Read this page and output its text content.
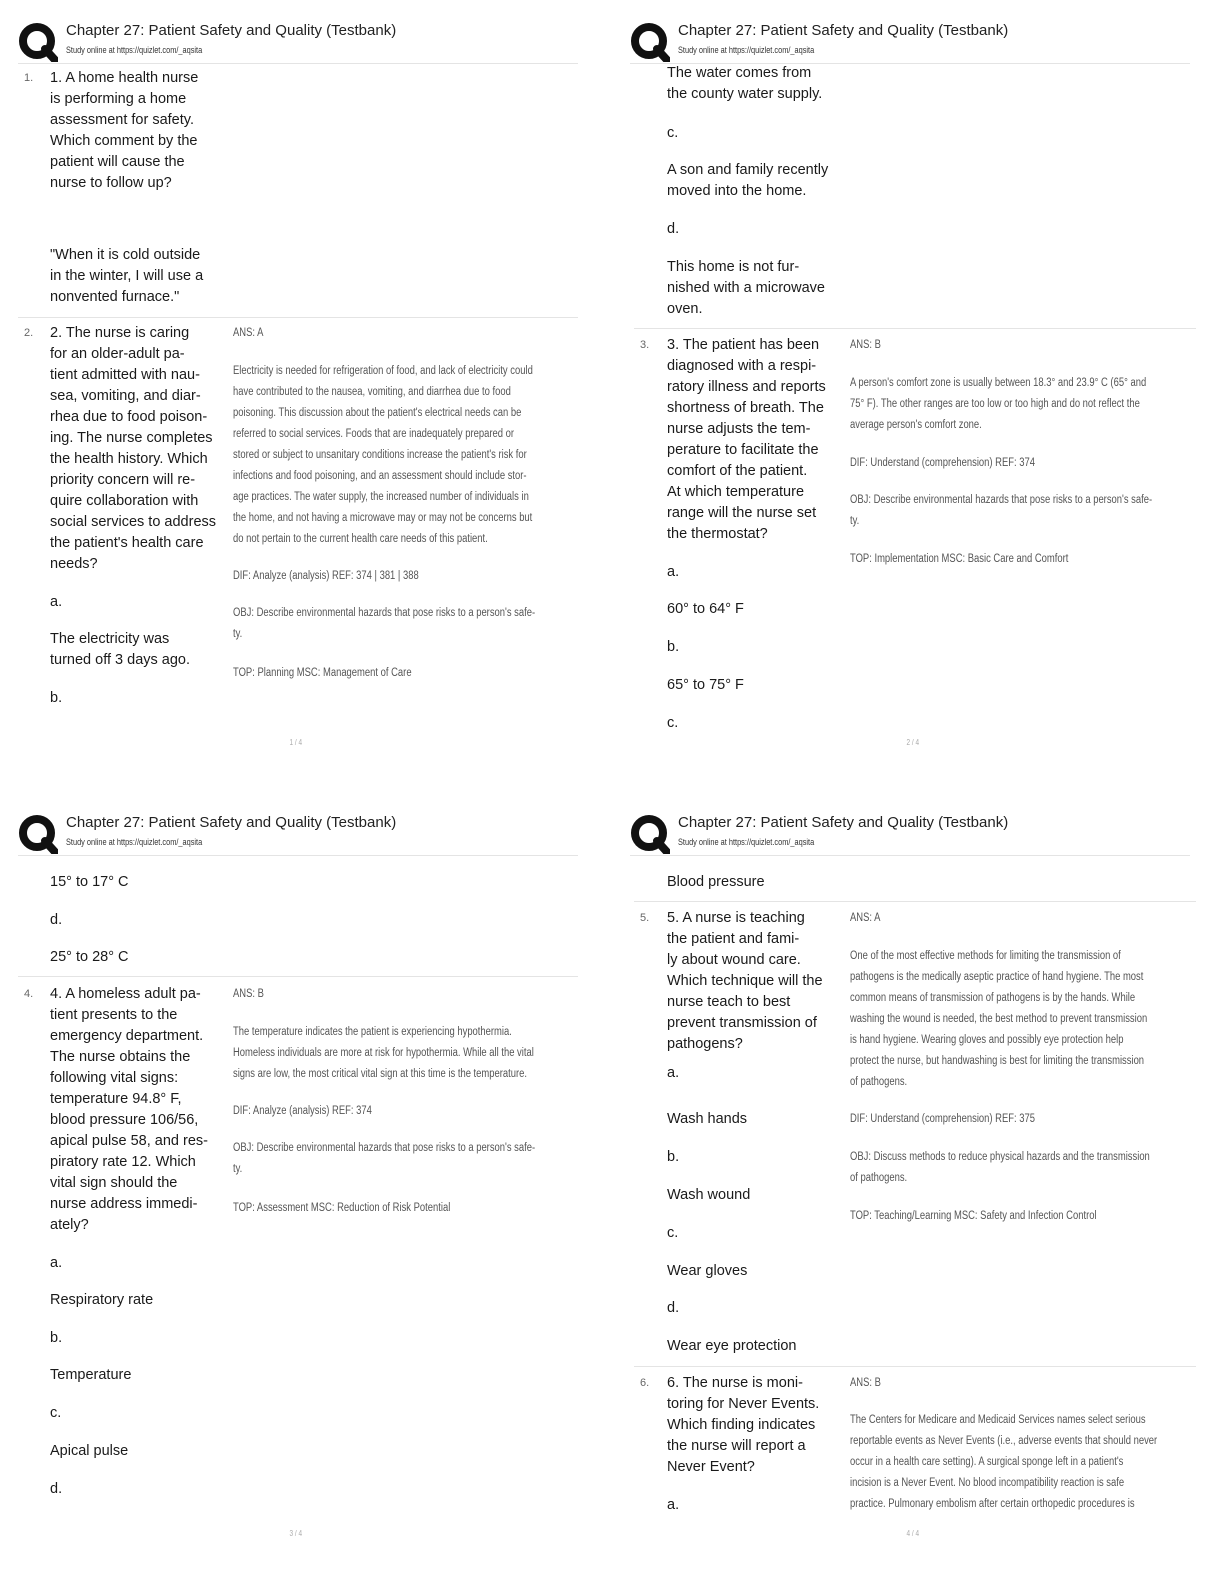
Chapter 27: Patient Safety and Quality (Testbank)
Study online at https://quizlet.com/_aqsita
1. 1. A home health nurse
is performing a home
assessment for safety.
Which comment by the
patient will cause the
nurse to follow up?
"When it is cold outside
in the winter, I will use a
nonvented furnace."
2. 2. The nurse is caring
for an older-adult pa-
tient admitted with nau-
sea, vomiting, and diar-
rhea due to food poison-
ing. The nurse completes
the health history. Which
priority concern will re-
quire collaboration with
social services to address
the patient's health care
needs?
a.
The electricity was
turned off 3 days ago.
b.
ANS: A
Electricity is needed for refrigeration of food, and lack of electricity could
have contributed to the nausea, vomiting, and diarrhea due to food
poisoning. This discussion about the patient's electrical needs can be
referred to social services. Foods that are inadequately prepared or
stored or subject to unsanitary conditions increase the patient's risk for
infections and food poisoning, and an assessment should include stor-
age practices. The water supply, the increased number of individuals in
the home, and not having a microwave may or may not be concerns but
do not pertain to the current health care needs of this patient.
DIF: Analyze (analysis) REF: 374 | 381 | 388
OBJ: Describe environmental hazards that pose risks to a person's safe-
ty.
TOP: Planning MSC: Management of Care
1 / 4
Chapter 27: Patient Safety and Quality (Testbank)
Study online at https://quizlet.com/_aqsita
The water comes from
the county water supply.
c.
A son and family recently
moved into the home.
d.
This home is not fur-
nished with a microwave
oven.
3. 3. The patient has been
diagnosed with a respi-
ratory illness and reports
shortness of breath. The
nurse adjusts the tem-
perature to facilitate the
comfort of the patient.
At which temperature
range will the nurse set
the thermostat?
a.
60° to 64° F
b.
65° to 75° F
c.
ANS: B
A person's comfort zone is usually between 18.3° and 23.9° C (65° and
75° F). The other ranges are too low or too high and do not reflect the
average person's comfort zone.
DIF: Understand (comprehension) REF: 374
OBJ: Describe environmental hazards that pose risks to a person's safe-
ty.
TOP: Implementation MSC: Basic Care and Comfort
2 / 4
Chapter 27: Patient Safety and Quality (Testbank)
Study online at https://quizlet.com/_aqsita
15° to 17° C
d.
25° to 28° C
4. 4. A homeless adult pa-
tient presents to the
emergency department.
The nurse obtains the
following vital signs:
temperature 94.8° F,
blood pressure 106/56,
apical pulse 58, and res-
piratory rate 12. Which
vital sign should the
nurse address immedi-
ately?
a.
Respiratory rate
b.
Temperature
c.
Apical pulse
d.
ANS: B
The temperature indicates the patient is experiencing hypothermia.
Homeless individuals are more at risk for hypothermia. While all the vital
signs are low, the most critical vital sign at this time is the temperature.
DIF: Analyze (analysis) REF: 374
OBJ: Describe environmental hazards that pose risks to a person's safe-
ty.
TOP: Assessment MSC: Reduction of Risk Potential
3 / 4
Chapter 27: Patient Safety and Quality (Testbank)
Study online at https://quizlet.com/_aqsita
Blood pressure
5. 5. A nurse is teaching
the patient and fami-
ly about wound care.
Which technique will the
nurse teach to best
prevent transmission of
pathogens?
a.
Wash hands
b.
Wash wound
c.
Wear gloves
d.
Wear eye protection
ANS: A
One of the most effective methods for limiting the transmission of
pathogens is the medically aseptic practice of hand hygiene. The most
common means of transmission of pathogens is by the hands. While
washing the wound is needed, the best method to prevent transmission
is hand hygiene. Wearing gloves and possibly eye protection help
protect the nurse, but handwashing is best for limiting the transmission
of pathogens.
DIF: Understand (comprehension) REF: 375
OBJ: Discuss methods to reduce physical hazards and the transmission
of pathogens.
TOP: Teaching/Learning MSC: Safety and Infection Control
6. 6. The nurse is moni-
toring for Never Events.
Which finding indicates
the nurse will report a
Never Event?
a.
ANS: B
The Centers for Medicare and Medicaid Services names select serious
reportable events as Never Events (i.e., adverse events that should never
occur in a health care setting). A surgical sponge left in a patient's
incision is a Never Event. No blood incompatibility reaction is safe
practice. Pulmonary embolism after certain orthopedic procedures is
4 / 4
